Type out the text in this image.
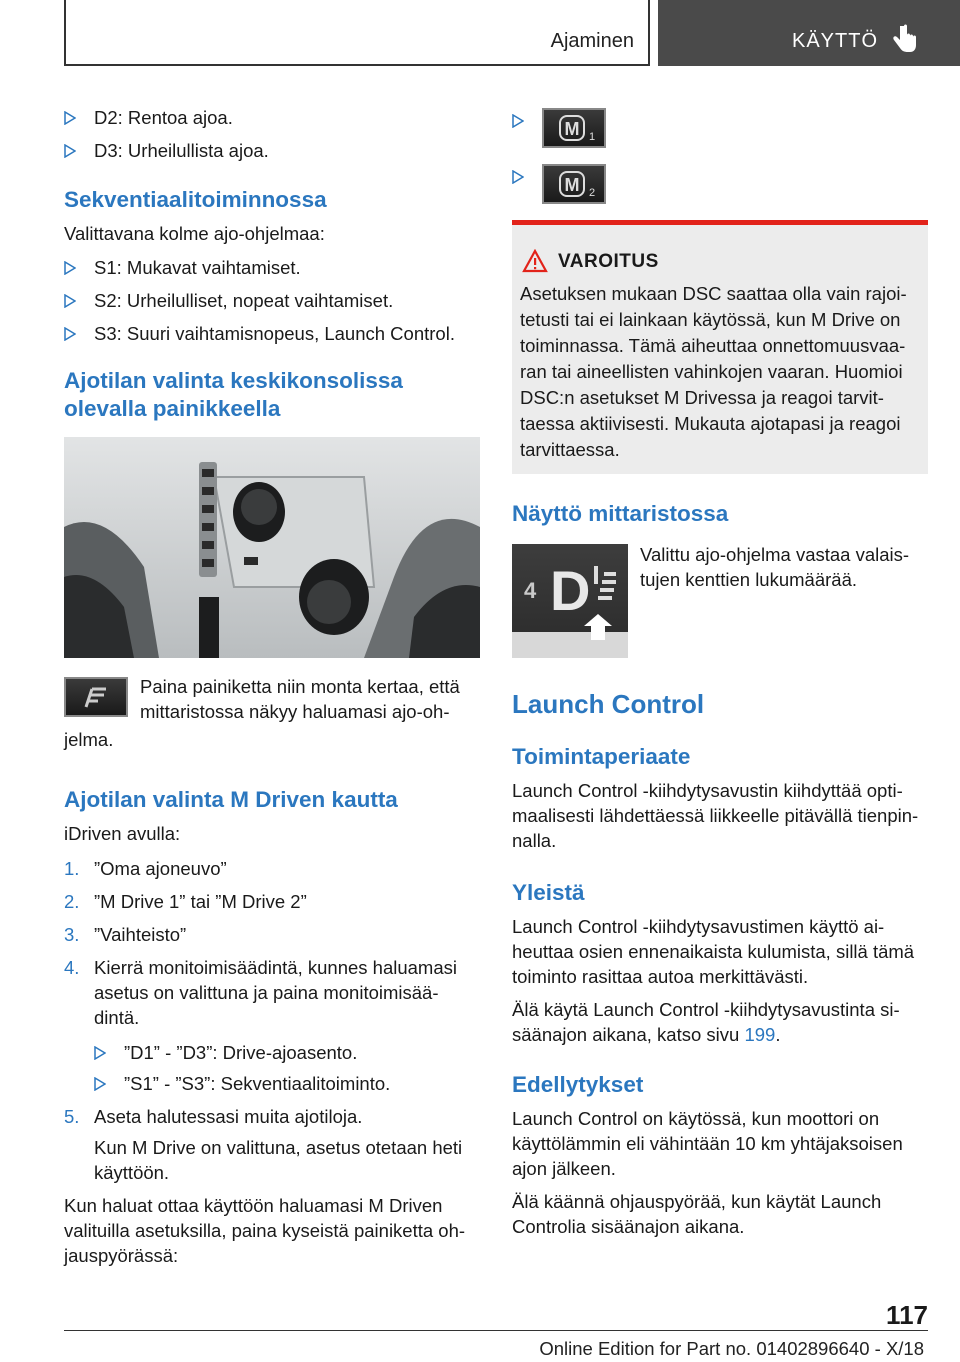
Ajaminen	KÄYTTÖ
D2: Rentoa ajoa.
D3: Urheilullista ajoa.
Sekventiaalitoiminnossa
Valittavana kolme ajo-ohjelmaa:
S1: Mukavat vaihtamiset.
S2: Urheilulliset, nopeat vaihtamiset.
S3: Suuri vaihtamisnopeus, Launch Control.
Ajotilan valinta keskikonsolissa
olevalla painikkeella
Paina painiketta niin monta kertaa, että
mittaristossa näkyy haluamasi ajo-oh-
jelma.
Ajotilan valinta M Driven kautta
iDriven avulla:
1. ”Oma ajoneuvo”
2. ”M Drive 1” tai ”M Drive 2”
3. ”Vaihteisto”
4. Kierrä monitoimisäädintä, kunnes haluamasi
asetus on valittuna ja paina monitoimisää-
dintä.
”D1” - ”D3”: Drive-ajoasento.
”S1” - ”S3”: Sekventiaalitoiminto.
5. Aseta halutessasi muita ajotiloja.
Kun M Drive on valittuna, asetus otetaan heti
käyttöön.
Kun haluat ottaa käyttöön haluamasi M Driven
valituilla asetuksilla, paina kyseistä painiketta oh-
jauspyörässä:
M 1
M 2
VAROITUS
Asetuksen mukaan DSC saattaa olla vain rajoi-
tetusti tai ei lainkaan käytössä, kun M Drive on
toiminnassa. Tämä aiheuttaa onnettomuusvaa-
ran tai aineellisten vahinkojen vaaran. Huomioi
DSC:n asetukset M Drivessa ja reagoi tarvit-
taessa aktiivisesti. Mukauta ajotapasi ja reagoi
tarvittaessa.
Näyttö mittaristossa
4 D
Valittu ajo-ohjelma vastaa valais-
tujen kenttien lukumäärää.
Launch Control
Toimintaperiaate
Launch Control -kiihdytysavustin kiihdyttää opti-
maalisesti lähdettäessä liikkeelle pitävällä tienpin-
nalla.
Yleistä
Launch Control -kiihdytysavustimen käyttö ai-
heuttaa osien ennenaikaista kulumista, sillä tämä
toiminto rasittaa autoa merkittävästi.
Älä käytä Launch Control -kiihdytysavustinta si-
säänajon aikana, katso sivu 199.
Edellytykset
Launch Control on käytössä, kun moottori on
käyttölämmin eli vähintään 10 km yhtäjaksoisen
ajon jälkeen.
Älä käännä ohjauspyörää, kun käytät Launch
Controlia sisäänajon aikana.
117
Online Edition for Part no. 01402896640 - X/18
